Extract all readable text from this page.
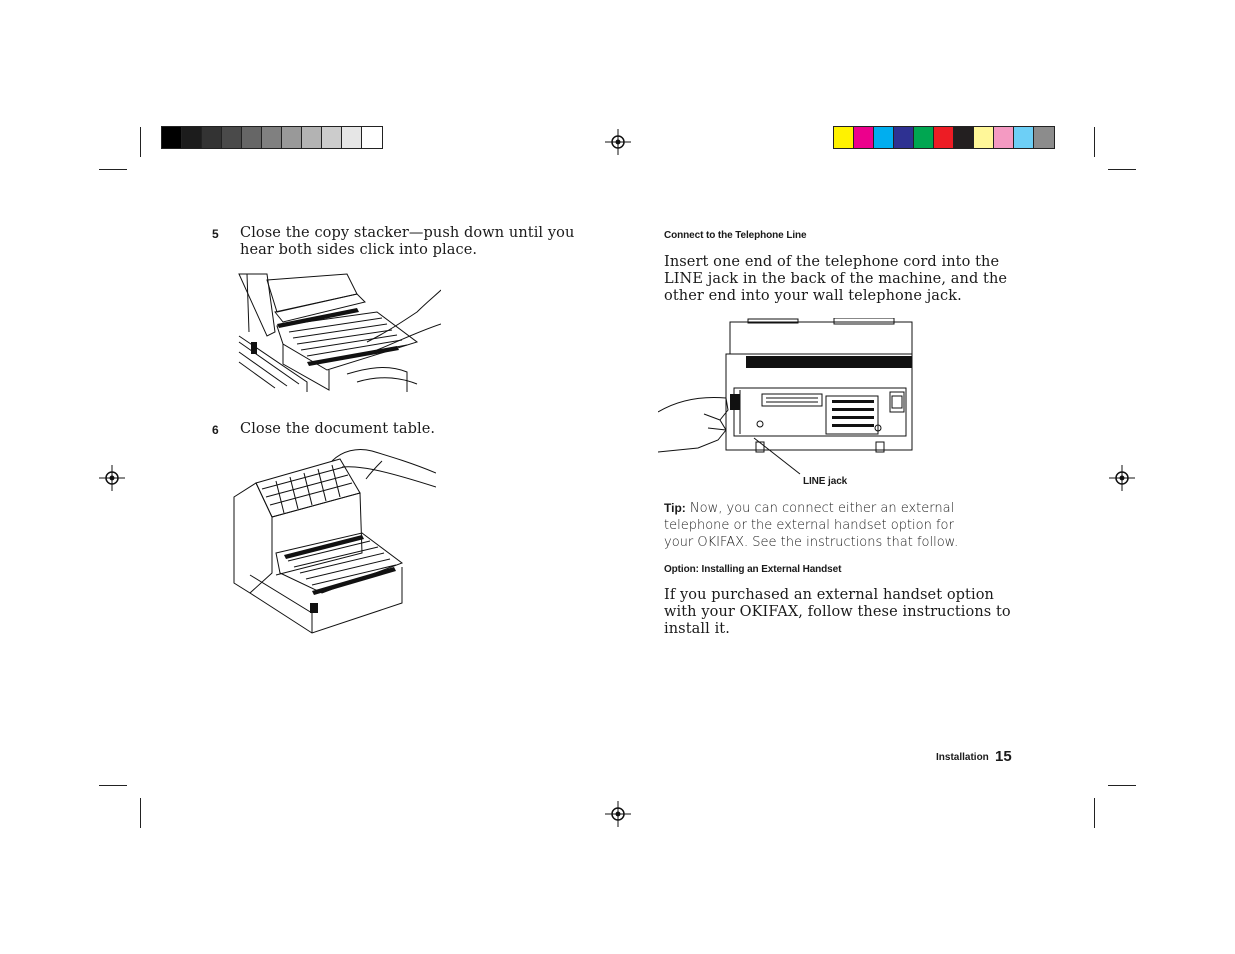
5 Close the copy stacker—push down until you hear both sides click into place.
6 Close the document table.
Connect to the Telephone Line
Insert one end of the telephone cord into the LINE jack in the back of the machine, and the other end into your wall telephone jack.
LINE jack
Tip: Now, you can connect either an external telephone or the external handset option for your OKIFAX. See the instructions that follow.
Option: Installing an External Handset
If you purchased an external handset option with your OKIFAX, follow these instructions to install it.
Installation 15
